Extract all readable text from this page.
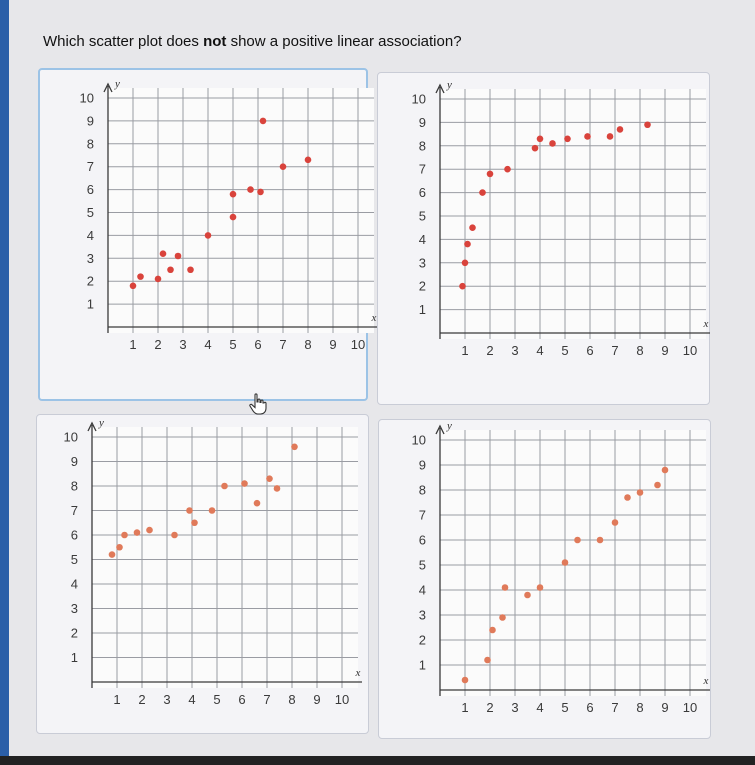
Which scatter plot does not show a positive linear association?
1
2
3
4
5
6
7
8
9
10
1 2 3 4 5 6 7 8 9 10
y
x
1
2
3
4
5
6
7
8
9
10
1 2 3 4 5 6 7 8 9 10
y
x
1
2
3
4
5
6
7
8
9
10
1 2 3 4 5 6 7 8 9 10
y
x
1
2
3
4
5
6
7
8
9
10
1 2 3 4 5 6 7 8 9 10
y
x
